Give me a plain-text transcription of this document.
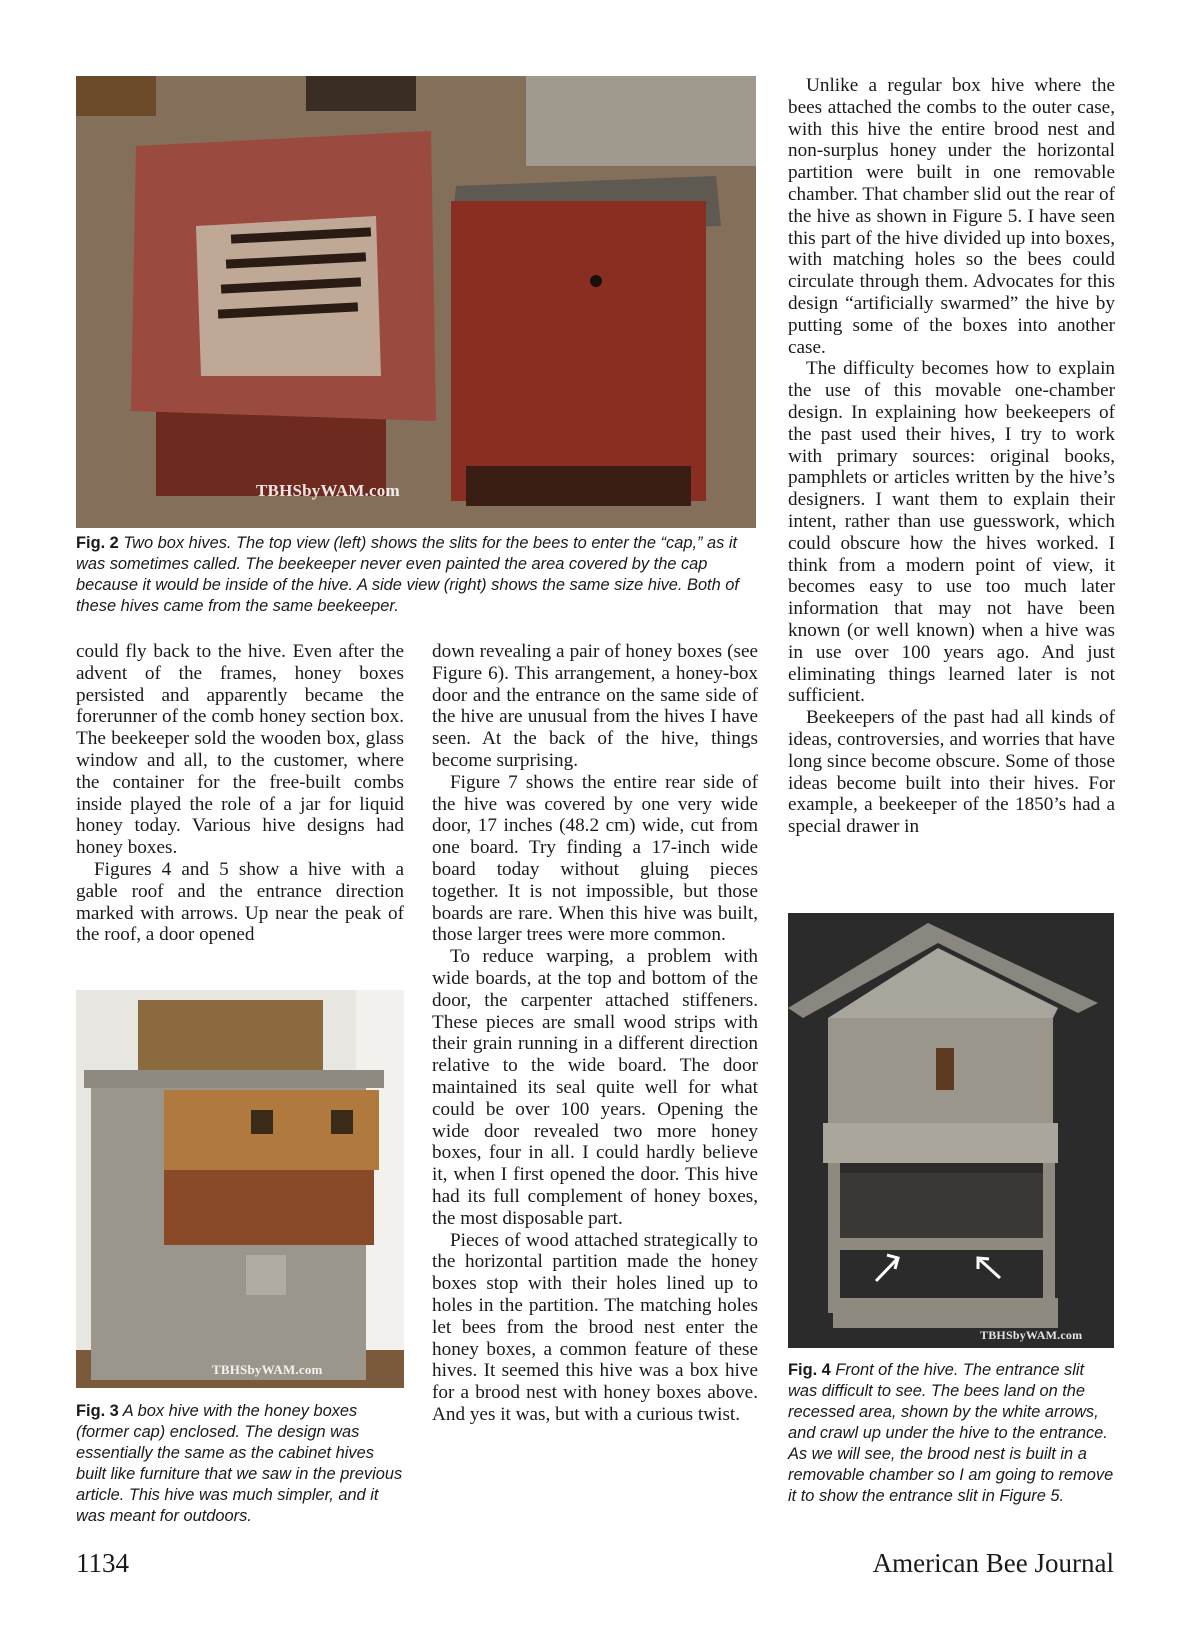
TBHSbyWAM.com

Fig. 2 Two box hives. The top view (left) shows the slits for the bees to enter the “cap,” as it was sometimes called. The beekeeper never even painted the area covered by the cap because it would be inside of the hive. A side view (right) shows the same size hive. Both of these hives came from the same beekeeper.

could fly back to the hive. Even after the advent of the frames, honey boxes persisted and apparently became the forerunner of the comb honey section box. The beekeeper sold the wooden box, glass window and all, to the customer, where the container for the free-built combs inside played the role of a jar for liquid honey today. Various hive designs had honey boxes.

Figures 4 and 5 show a hive with a gable roof and the entrance direction marked with arrows. Up near the peak of the roof, a door opened

TBHSbyWAM.com

Fig. 3 A box hive with the honey boxes (former cap) enclosed. The design was essentially the same as the cabinet hives built like furniture that we saw in the previous article. This hive was much simpler, and it was meant for outdoors.

down revealing a pair of honey boxes (see Figure 6). This arrangement, a honey-box door and the entrance on the same side of the hive are unusual from the hives I have seen. At the back of the hive, things become surprising.

Figure 7 shows the entire rear side of the hive was covered by one very wide door, 17 inches (48.2 cm) wide, cut from one board. Try finding a 17-inch wide board today without gluing pieces together. It is not impossible, but those boards are rare. When this hive was built, those larger trees were more common.

To reduce warping, a problem with wide boards, at the top and bottom of the door, the carpenter attached stiffeners. These pieces are small wood strips with their grain running in a different direction relative to the wide board. The door maintained its seal quite well for what could be over 100 years. Opening the wide door revealed two more honey boxes, four in all. I could hardly believe it, when I first opened the door. This hive had its full complement of honey boxes, the most disposable part.

Pieces of wood attached strategically to the horizontal partition made the honey boxes stop with their holes lined up to holes in the partition. The matching holes let bees from the brood nest enter the honey boxes, a common feature of these hives. It seemed this hive was a box hive for a brood nest with honey boxes above. And yes it was, but with a curious twist.

Unlike a regular box hive where the bees attached the combs to the outer case, with this hive the entire brood nest and non-surplus honey under the horizontal partition were built in one removable chamber. That chamber slid out the rear of the hive as shown in Figure 5. I have seen this part of the hive divided up into boxes, with matching holes so the bees could circulate through them. Advocates for this design “artificially swarmed” the hive by putting some of the boxes into another case.

The difficulty becomes how to explain the use of this movable one-chamber design. In explaining how beekeepers of the past used their hives, I try to work with primary sources: original books, pamphlets or articles written by the hive’s designers. I want them to explain their intent, rather than use guesswork, which could obscure how the hives worked. I think from a modern point of view, it becomes easy to use too much later information that may not have been known (or well known) when a hive was in use over 100 years ago. And just eliminating things learned later is not sufficient.

Beekeepers of the past had all kinds of ideas, controversies, and worries that have long since become obscure. Some of those ideas become built into their hives. For example, a beekeeper of the 1850’s had a special drawer in

TBHSbyWAM.com

Fig. 4 Front of the hive. The entrance slit was difficult to see. The bees land on the recessed area, shown by the white arrows, and crawl up under the hive to the entrance. As we will see, the brood nest is built in a removable chamber so I am going to remove it to show the entrance slit in Figure 5.

1134	American Bee Journal
